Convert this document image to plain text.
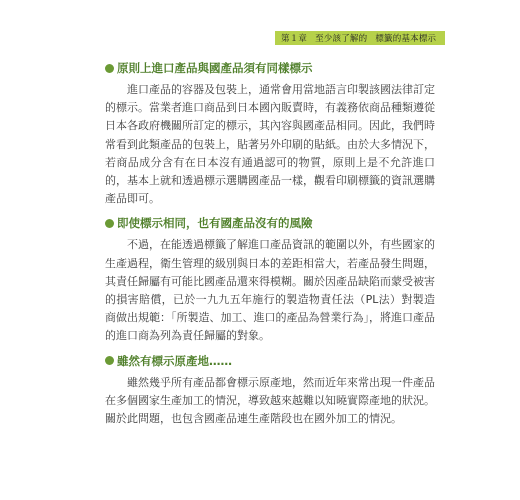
第１章 至少該了解的 標籤的基本標示
原則上進口產品與國產品須有同樣標示

進口產品的容器及包裝上，通常會用當地語言印製該國法律訂定的標示。當業者進口商品到日本國內販賣時，有義務依商品種類遵從日本各政府機關所訂定的標示，其內容與國產品相同。因此，我們時常看到此類產品的包裝上，貼著另外印刷的貼紙。由於大多情況下，若商品成分含有在日本沒有通過認可的物質，原則上是不允許進口的，基本上就和透過標示選購國產品一樣，觀看印刷標籤的資訊選購產品即可。

即使標示相同，也有國產品沒有的風險

不過，在能透過標籤了解進口產品資訊的範圍以外，有些國家的生產過程，衛生管理的級別與日本的差距相當大，若產品發生問題，其責任歸屬有可能比國產品還來得模糊。關於因產品缺陷而蒙受被害的損害賠償，已於一九九五年施行的製造物責任法（PL法）對製造商做出規範：「所製造、加工、進口的產品為營業行為」，將進口產品的進口商為列為責任歸屬的對象。

雖然有標示原產地……

雖然幾乎所有產品都會標示原產地，然而近年來常出現一件產品在多個國家生產加工的情況，導致越來越難以知曉實際產地的狀況。關於此問題，也包含國產品連生產階段也在國外加工的情況。
